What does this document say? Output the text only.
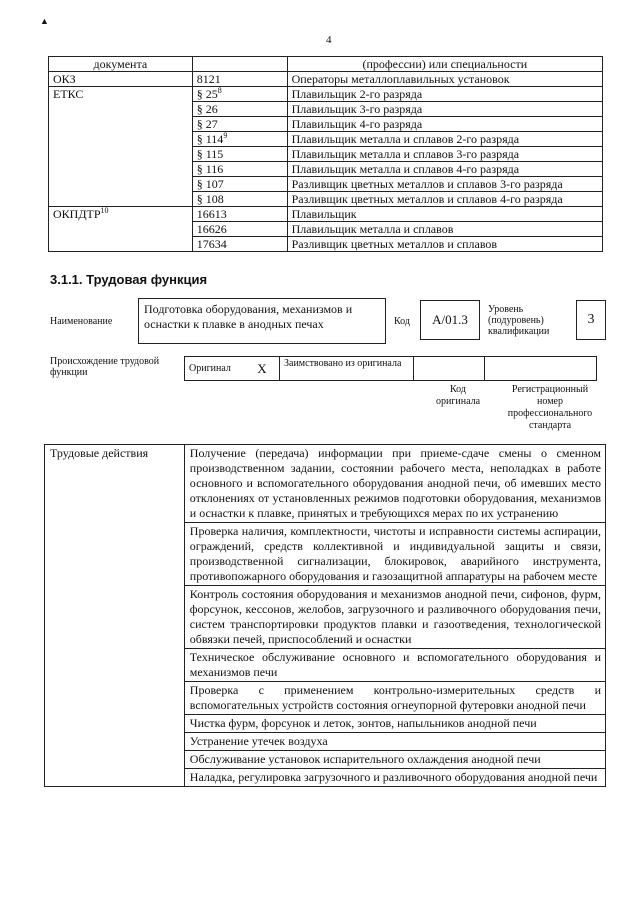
▲
4
документа		(профессии) или специальности
ОКЗ	8121	Операторы металлоплавильных установок
ЕТКС	§ $25^8$	Плавильщик 2-го разряда
	§ 26	Плавильщик 3-го разряда
	§ 27	Плавильщик 4-го разряда
	§ $114^9$	Плавильщик металла и сплавов 2-го разряда
	§ 115	Плавильщик металла и сплавов 3-го разряда
	§ 116	Плавильщик металла и сплавов 4-го разряда
	§ 107	Разливщик цветных металлов и сплавов 3-го разряда
	§ 108	Разливщик цветных металлов и сплавов 4-го разряда
ОКПДТР$^{10}$	16613	Плавильщик
	16626	Плавильщик металла и сплавов
	17634	Разливщик цветных металлов и сплавов
3.1.1. Трудовая функция
Наименование
Подготовка оборудования, механизмов и оснастки к плавке в анодных печах	Код	A/01.3
Уровень (подуровень) квалификации
3
Происхождение трудовой функции	Оригинал	X	Заимствовано из оригинала		
Код оригинала
Регистрационный номер профессионального стандарта
Трудовые действия	Получение (передача) информации при приеме-сдаче смены о сменном производственном задании, состоянии рабочего места, неполадках в работе основного и вспомогательного оборудования анодной печи, об имевших место отклонениях от установленных режимов подготовки оборудования, механизмов и оснастки к плавке, принятых и требующихся мерах по их устранению
Проверка наличия, комплектности, чистоты и исправности системы аспирации, ограждений, средств коллективной и индивидуальной защиты и связи, производственной сигнализации, блокировок, аварийного инструмента, противопожарного оборудования и газозащитной аппаратуры на рабочем месте
Контроль состояния оборудования и механизмов анодной печи, сифонов, фурм, форсунок, кессонов, желобов, загрузочного и разливочного оборудования печи, систем транспортировки продуктов плавки и газоотведения, технологической обвязки печей, приспособлений и оснастки
Техническое обслуживание основного и вспомогательного оборудования и механизмов печи
Проверка с применением контрольно-измерительных средств и вспомогательных устройств состояния огнеупорной футеровки анодной печи
Чистка фурм, форсунок и леток, зонтов, напыльников анодной печи
Устранение утечек воздуха
Обслуживание установок испарительного охлаждения анодной печи
Наладка, регулировка загрузочного и разливочного оборудования анодной печи
